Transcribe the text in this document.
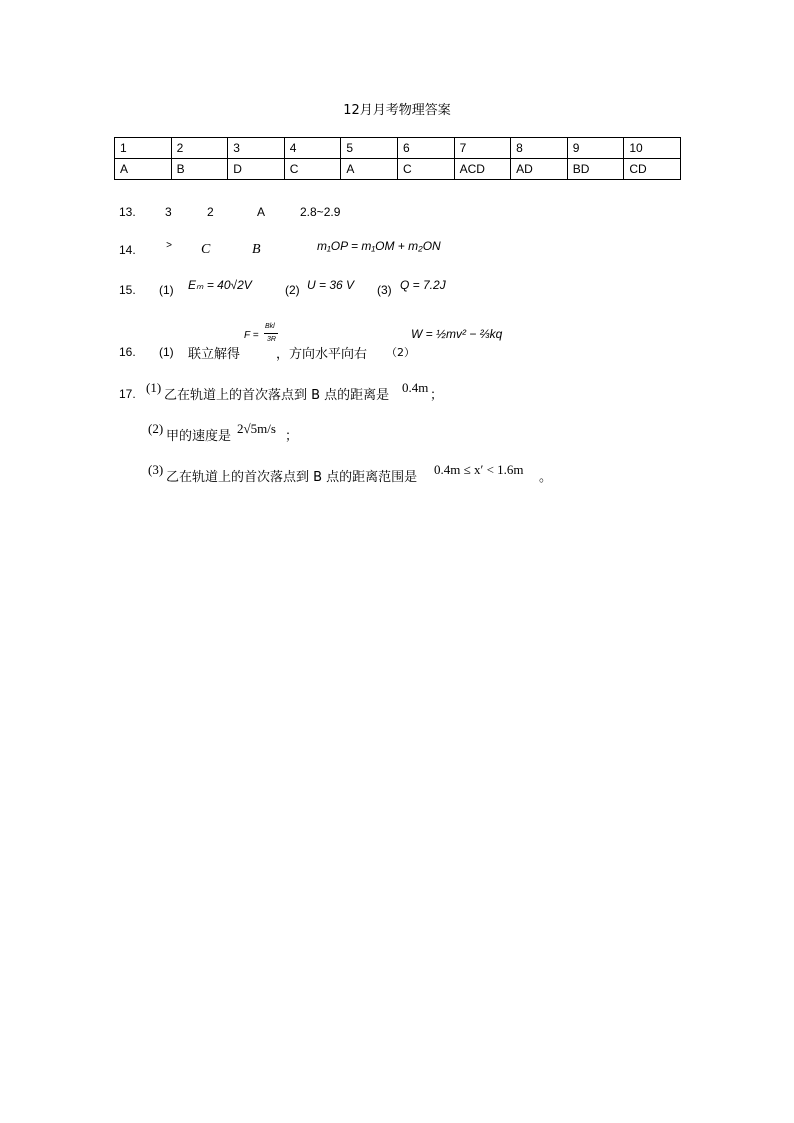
12月月考物理答案
1	2	3	4	5	6	7	8	9	10
A	B	D	C	A	C	ACD	AD	BD	CD
13. 3	2	A	2.8~2.9
14.	> C	B	m₁OP = m₁OM + m₂ON
15. (1) Eₘ = 40√2V	(2) U = 36 V (3) Q = 7.2J
16. (1) 联立解得
F =
Bkl
3R
，方向水平向右 （2）
W = ½mv² − ⅔kq
17. (1)
乙在轨道上的首次落点到 B 点的距离是
0.4m
；
(2)
甲的速度是
2√5m/s
；
(3)
乙在轨道上的首次落点到 B 点的距离范围是
0.4m ≤ x′ < 1.6m
。
